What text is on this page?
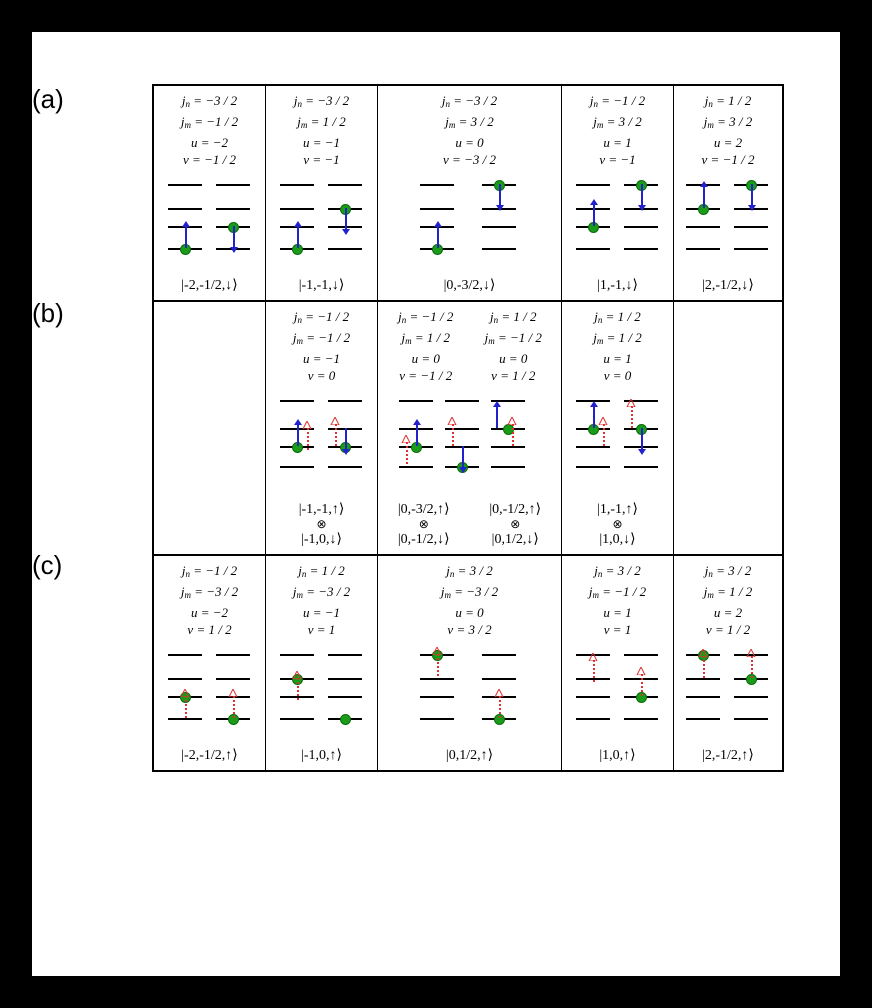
(a)
(b)
(c)
$j_n = -3 / 2$
$j_m = -1 / 2$
u = −2
v = −1 / 2
|-2,-1/2,↓⟩
$j_n = -3 / 2$
$j_m = 1 / 2$
u = −1
v = −1
|-1,-1,↓⟩
$j_n = -3 / 2$
$j_m = 3 / 2$
u = 0
v = −3 / 2
|0,-3/2,↓⟩
$j_n = -1 / 2$
$j_m = 3 / 2$
u = 1
v = −1
|1,-1,↓⟩
$j_n = 1 / 2$
$j_m = 3 / 2$
u = 2
v = −1 / 2
|2,-1/2,↓⟩
$j_n = -1 / 2$
$j_m = -1 / 2$
u = −1
v = 0
|-1,-1,↑⟩
⊗
|-1,0,↓⟩
$j_n = -1 / 2$
$j_m = 1 / 2$
u = 0
v = −1 / 2
$j_n = 1 / 2$
$j_m = -1 / 2$
u = 0
v = 1 / 2
|0,-3/2,↑⟩
⊗
|0,-1/2,↓⟩
|0,-1/2,↑⟩
⊗
|0,1/2,↓⟩
$j_n = 1 / 2$
$j_m = 1 / 2$
u = 1
v = 0
|1,-1,↑⟩
⊗
|1,0,↓⟩
$j_n = -1 / 2$
$j_m = -3 / 2$
u = −2
v = 1 / 2
|-2,-1/2,↑⟩
$j_n = 1 / 2$
$j_m = -3 / 2$
u = −1
v = 1
|-1,0,↑⟩
$j_n = 3 / 2$
$j_m = -3 / 2$
u = 0
v = 3 / 2
|0,1/2,↑⟩
$j_n = 3 / 2$
$j_m = -1 / 2$
u = 1
v = 1
|1,0,↑⟩
$j_n = 3 / 2$
$j_m = 1 / 2$
u = 2
v = 1 / 2
|2,-1/2,↑⟩
